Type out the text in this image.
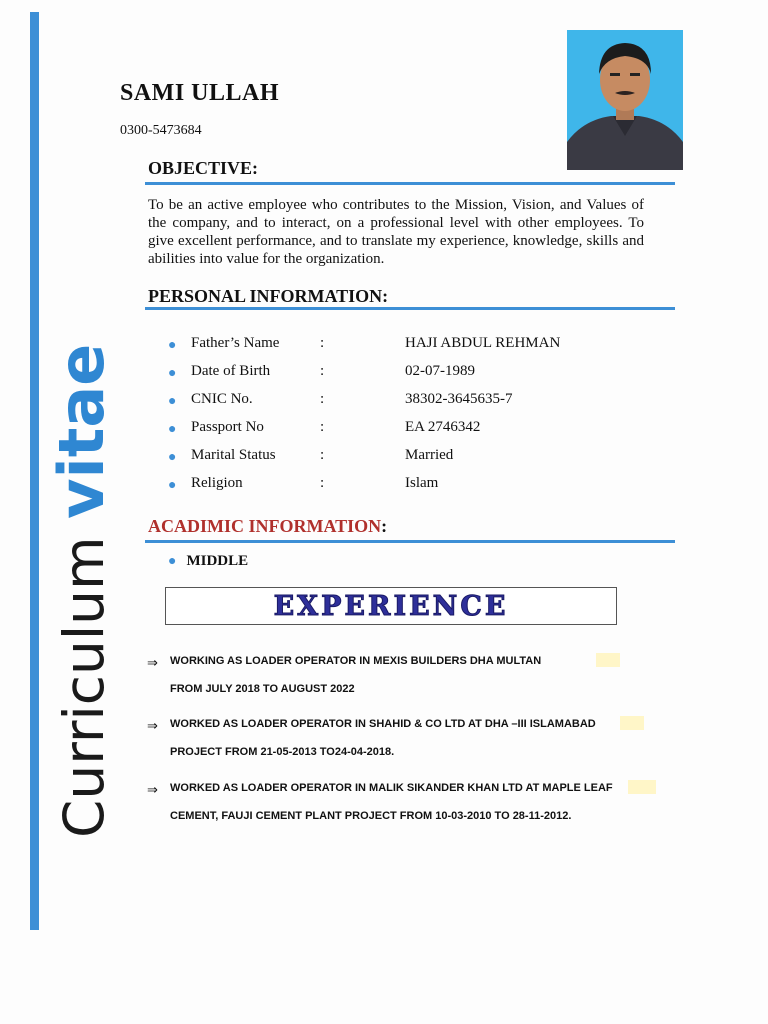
Curriculum vitae
SAMI ULLAH
0300-5473684
OBJECTIVE:
To be an active employee who contributes to the Mission, Vision, and Values of the company, and to interact, on a professional level with other employees. To give excellent performance, and to translate my experience, knowledge, skills and abilities into value for the organization.
PERSONAL INFORMATION:
● Father’s Name	:	HAJI ABDUL REHMAN
● Date of Birth	:	02-07-1989
● CNIC No.	:	38302-3645635-7
● Passport No	:	EA 2746342
● Marital Status	:	Married
● Religion	:	Islam
ACADIMIC INFORMATION:
● MIDDLE
EXPERIENCE
⇒ WORKING AS LOADER OPERATOR IN MEXIS BUILDERS DHA MULTAN
FROM JULY 2018 TO AUGUST 2022
⇒ WORKED AS LOADER OPERATOR IN SHAHID & CO LTD AT DHA –III ISLAMABAD
PROJECT FROM 21-05-2013 TO24-04-2018.
⇒ WORKED AS LOADER OPERATOR IN MALIK SIKANDER KHAN LTD AT MAPLE LEAF
CEMENT, FAUJI CEMENT PLANT PROJECT FROM 10-03-2010 TO 28-11-2012.
